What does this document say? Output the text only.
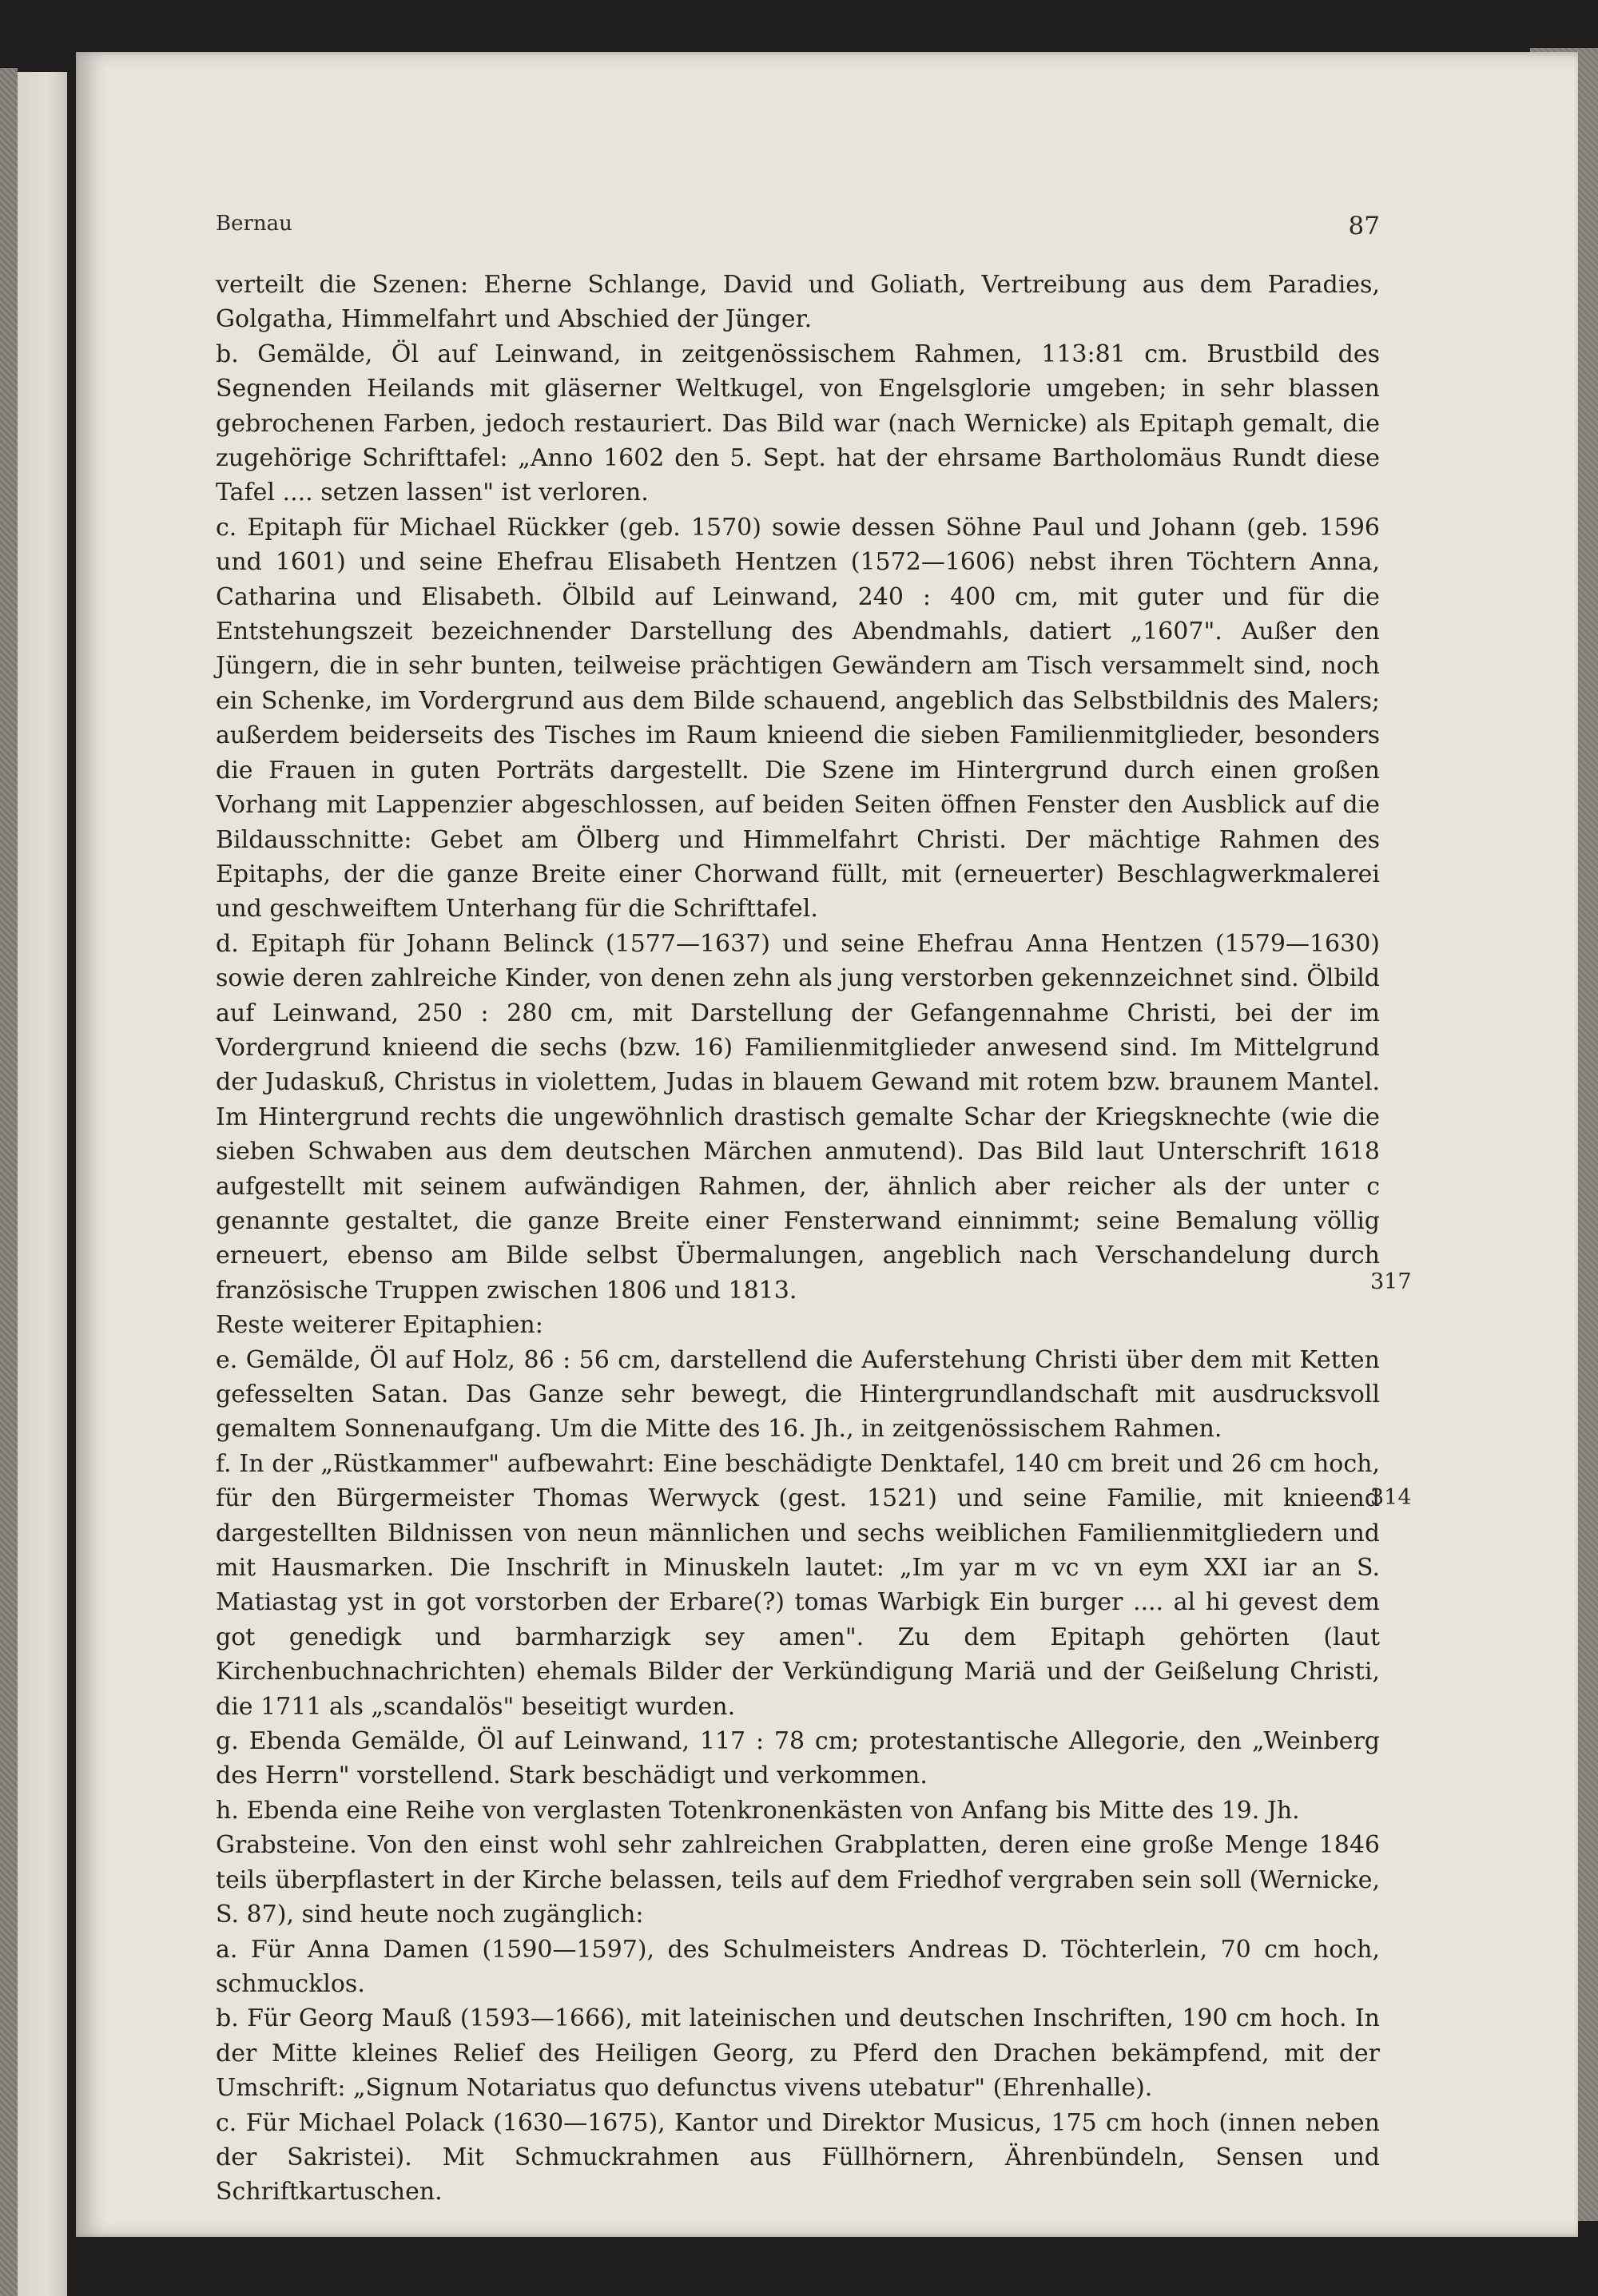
Bernau	87

verteilt die Szenen: Eherne Schlange, David und Goliath, Vertreibung aus dem Paradies, Golgatha, Himmelfahrt und Abschied der Jünger.

b. Gemälde, Öl auf Leinwand, in zeitgenössischem Rahmen, 113:81 cm. Brustbild des Segnenden Heilands mit gläserner Weltkugel, von Engelsglorie umgeben; in sehr blassen gebrochenen Farben, jedoch restauriert. Das Bild war (nach Wernicke) als Epitaph gemalt, die zugehörige Schrifttafel: „Anno 1602 den 5. Sept. hat der ehrsame Bartholomäus Rundt diese Tafel .... setzen lassen" ist verloren.

c. Epitaph für Michael Rückker (geb. 1570) sowie dessen Söhne Paul und Johann (geb. 1596 und 1601) und seine Ehefrau Elisabeth Hentzen (1572—1606) nebst ihren Töchtern Anna, Catharina und Elisabeth. Ölbild auf Leinwand, 240 : 400 cm, mit guter und für die Entstehungszeit bezeichnender Darstellung des Abendmahls, datiert „1607". Außer den Jüngern, die in sehr bunten, teilweise prächtigen Gewändern am Tisch versammelt sind, noch ein Schenke, im Vordergrund aus dem Bilde schauend, angeblich das Selbstbildnis des Malers; außerdem beiderseits des Tisches im Raum knieend die sieben Familienmitglieder, besonders die Frauen in guten Porträts dargestellt. Die Szene im Hintergrund durch einen großen Vorhang mit Lappenzier abgeschlossen, auf beiden Seiten öffnen Fenster den Ausblick auf die Bildausschnitte: Gebet am Ölberg und Himmelfahrt Christi. Der mächtige Rahmen des Epitaphs, der die ganze Breite einer Chorwand füllt, mit (erneuerter) Beschlagwerkmalerei und geschweiftem Unterhang für die Schrifttafel.

d. Epitaph für Johann Belinck (1577—1637) und seine Ehefrau Anna Hentzen (1579—1630) sowie deren zahlreiche Kinder, von denen zehn als jung verstorben gekennzeichnet sind. Ölbild auf Leinwand, 250 : 280 cm, mit Darstellung der Gefangennahme Christi, bei der im Vordergrund knieend die sechs (bzw. 16) Familienmitglieder anwesend sind. Im Mittelgrund der Judaskuß, Christus in violettem, Judas in blauem Gewand mit rotem bzw. braunem Mantel. Im Hintergrund rechts die ungewöhnlich drastisch gemalte Schar der Kriegsknechte (wie die sieben Schwaben aus dem deutschen Märchen anmutend). Das Bild laut Unterschrift 1618 aufgestellt mit seinem aufwändigen Rahmen, der, ähnlich aber reicher als der unter c genannte gestaltet, die ganze Breite einer Fensterwand einnimmt; seine Bemalung völlig erneuert, ebenso am Bilde selbst Übermalungen, angeblich nach Verschandelung durch französische Truppen zwischen 1806 und 1813.

Reste weiterer Epitaphien:

e. Gemälde, Öl auf Holz, 86 : 56 cm, darstellend die Auferstehung Christi über dem mit Ketten gefesselten Satan. Das Ganze sehr bewegt, die Hintergrundlandschaft mit ausdrucksvoll gemaltem Sonnenaufgang. Um die Mitte des 16. Jh., in zeitgenössischem Rahmen.

f. In der „Rüstkammer" aufbewahrt: Eine beschädigte Denktafel, 140 cm breit und 26 cm hoch, für den Bürgermeister Thomas Werwyck (gest. 1521) und seine Familie, mit knieend dargestellten Bildnissen von neun männlichen und sechs weiblichen Familienmitgliedern und mit Hausmarken. Die Inschrift in Minuskeln lautet: „Im yar m vc vn eym XXI iar an S. Matiastag yst in got vorstorben der Erbare(?) tomas Warbigk Ein burger .... al hi gevest dem got genedigk und barmharzigk sey amen". Zu dem Epitaph gehörten (laut Kirchenbuchnachrichten) ehemals Bilder der Verkündigung Mariä und der Geißelung Christi, die 1711 als „scandalös" beseitigt wurden.

g. Ebenda Gemälde, Öl auf Leinwand, 117 : 78 cm; protestantische Allegorie, den „Weinberg des Herrn" vorstellend. Stark beschädigt und verkommen.

h. Ebenda eine Reihe von verglasten Totenkronenkästen von Anfang bis Mitte des 19. Jh.

Grabsteine. Von den einst wohl sehr zahlreichen Grabplatten, deren eine große Menge 1846 teils überpflastert in der Kirche belassen, teils auf dem Friedhof vergraben sein soll (Wernicke, S. 87), sind heute noch zugänglich:

a. Für Anna Damen (1590—1597), des Schulmeisters Andreas D. Töchterlein, 70 cm hoch, schmucklos.

b. Für Georg Mauß (1593—1666), mit lateinischen und deutschen Inschriften, 190 cm hoch. In der Mitte kleines Relief des Heiligen Georg, zu Pferd den Drachen bekämpfend, mit der Umschrift: „Signum Notariatus quo defunctus vivens utebatur" (Ehrenhalle).

c. Für Michael Polack (1630—1675), Kantor und Direktor Musicus, 175 cm hoch (innen neben der Sakristei). Mit Schmuckrahmen aus Füllhörnern, Ährenbündeln, Sensen und Schriftkartuschen.

317
314
